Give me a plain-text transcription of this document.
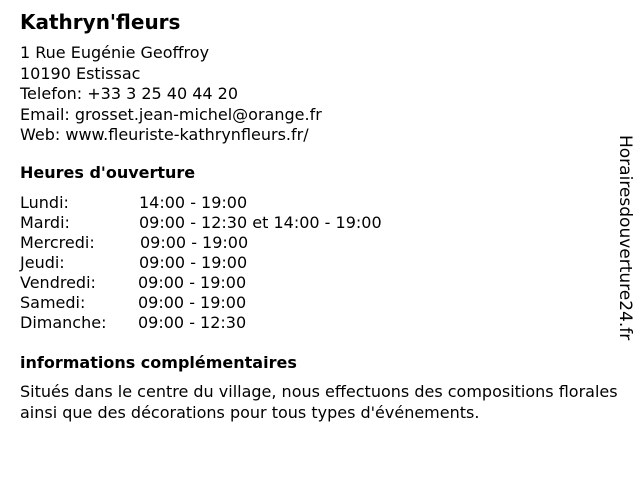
Kathryn'fleurs
1 Rue Eugénie Geoffroy
10190 Estissac
Telefon: +33 3 25 40 44 20
Email: grosset.jean-michel@orange.fr
Web: www.fleuriste-kathrynfleurs.fr/
Heures d'ouverture
Lundi:	14:00 - 19:00
Mardi:	09:00 - 12:30 et 14:00 - 19:00
Mercredi:	09:00 - 19:00
Jeudi:	09:00 - 19:00
Vendredi:	09:00 - 19:00
Samedi:	09:00 - 19:00
Dimanche: 09:00 - 12:30
informations complémentaires
Situés dans le centre du village, nous effectuons des compositions florales ainsi que des décorations pour tous types d'événements.
Horairesdouverture24.fr
